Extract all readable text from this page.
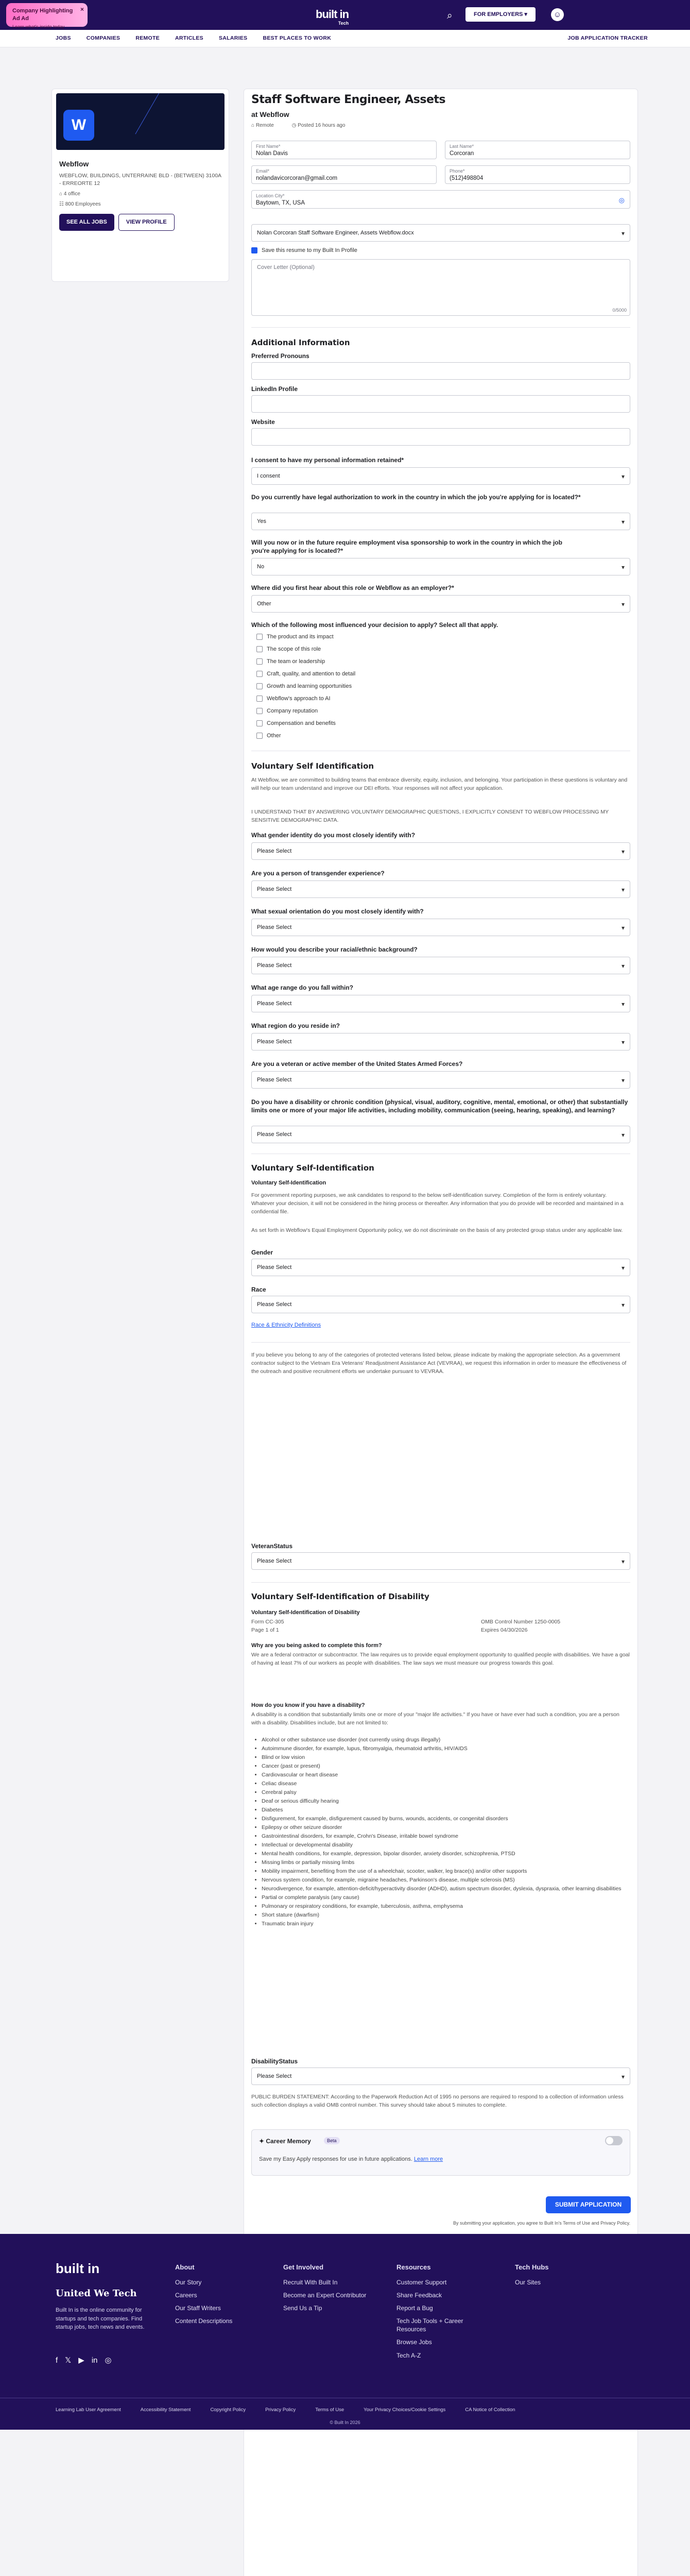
Company Highlighting Ad Ad
Learn what's inside today
×	built in
Tech
⌕	FOR EMPLOYERS ▾	☺
JOBS	COMPANIES	REMOTE	ARTICLES	SALARIES	BEST PLACES TO WORK	JOB APPLICATION TRACKER
W
Webflow
WEBFLOW, BUILDINGS, UNTERRAINE BLD - (BETWEEN) 3100A - ERREORTE 12
⌂ 4 office
☷ 800 Employees
SEE ALL JOBS	VIEW PROFILE
Staff Software Engineer, Assets
at Webflow
⌂ Remote	◷ Posted 16 hours ago
First Name*
Nolan Davis
Last Name*
Corcoran
Email*
nolandavicorcoran@gmail.com
Phone*
(512)498804
Location City*
Baytown, TX, USA	◎
Nolan Corcoran Staff Software Engineer, Assets Webflow.docx ▾
Save this resume to my Built In Profile
Cover Letter (Optional)
0/5000
Additional Information
Preferred Pronouns
LinkedIn Profile
Website
I consent to have my personal information retained*
I consent ▾
Do you currently have legal authorization to work in the country in which the job you're applying for is located?*
Yes ▾
Will you now or in the future require employment visa sponsorship to work in the country in which the job you're applying for is located?*
No ▾
Where did you first hear about this role or Webflow as an employer?*
Other ▾
Which of the following most influenced your decision to apply? Select all that apply.
The product and its impact
The scope of this role
The team or leadership
Craft, quality, and attention to detail
Growth and learning opportunities
Webflow's approach to AI
Company reputation
Compensation and benefits
Other
Voluntary Self Identification
At Webflow, we are committed to building teams that embrace diversity, equity, inclusion, and belonging. Your participation in these questions is voluntary and will help our team understand and improve our DEI efforts. Your responses will not affect your application.
I UNDERSTAND THAT BY ANSWERING VOLUNTARY DEMOGRAPHIC QUESTIONS, I EXPLICITLY CONSENT TO WEBFLOW PROCESSING MY SENSITIVE DEMOGRAPHIC DATA.
What gender identity do you most closely identify with?
Please Select ▾
Are you a person of transgender experience?
Please Select ▾
What sexual orientation do you most closely identify with?
Please Select ▾
How would you describe your racial/ethnic background?
Please Select ▾
What age range do you fall within?
Please Select ▾
What region do you reside in?
Please Select ▾
Are you a veteran or active member of the United States Armed Forces?
Please Select ▾
Do you have a disability or chronic condition (physical, visual, auditory, cognitive, mental, emotional, or other) that substantially limits one or more of your major life activities, including mobility, communication (seeing, hearing, speaking), and learning?
Please Select ▾
Voluntary Self-Identification
Voluntary Self-Identification
For government reporting purposes, we ask candidates to respond to the below self-identification survey. Completion of the form is entirely voluntary. Whatever your decision, it will not be considered in the hiring process or thereafter. Any information that you do provide will be recorded and maintained in a confidential file.
As set forth in Webflow's Equal Employment Opportunity policy, we do not discriminate on the basis of any protected group status under any applicable law.
Gender
Please Select ▾
Race
Please Select ▾
Race & Ethnicity Definitions
If you believe you belong to any of the categories of protected veterans listed below, please indicate by making the appropriate selection. As a government contractor subject to the Vietnam Era Veterans' Readjustment Assistance Act (VEVRAA), we request this information in order to measure the effectiveness of the outreach and positive recruitment efforts we undertake pursuant to VEVRAA.
VeteranStatus
Please Select ▾
Voluntary Self-Identification of Disability
Voluntary Self-Identification of Disability
Form CC-305
Page 1 of 1
OMB Control Number 1250-0005
Expires 04/30/2026
Why are you being asked to complete this form?
We are a federal contractor or subcontractor. The law requires us to provide equal employment opportunity to qualified people with disabilities. We have a goal of having at least 7% of our workers as people with disabilities. The law says we must measure our progress towards this goal.
How do you know if you have a disability?
A disability is a condition that substantially limits one or more of your "major life activities." If you have or have ever had such a condition, you are a person with a disability. Disabilities include, but are not limited to:
• Alcohol or other substance use disorder (not currently using drugs illegally)
• Autoimmune disorder, for example, lupus, fibromyalgia, rheumatoid arthritis, HIV/AIDS
• Blind or low vision
• Cancer (past or present)
• Cardiovascular or heart disease
• Celiac disease
• Cerebral palsy
• Deaf or serious difficulty hearing
• Diabetes
• Disfigurement, for example, disfigurement caused by burns, wounds, accidents, or congenital disorders
• Epilepsy or other seizure disorder
• Gastrointestinal disorders, for example, Crohn's Disease, irritable bowel syndrome
• Intellectual or developmental disability
• Mental health conditions, for example, depression, bipolar disorder, anxiety disorder, schizophrenia, PTSD
• Missing limbs or partially missing limbs
• Mobility impairment, benefiting from the use of a wheelchair, scooter, walker, leg brace(s) and/or other supports
• Nervous system condition, for example, migraine headaches, Parkinson's disease, multiple sclerosis (MS)
• Neurodivergence, for example, attention-deficit/hyperactivity disorder (ADHD), autism spectrum disorder, dyslexia, dyspraxia, other learning disabilities
• Partial or complete paralysis (any cause)
• Pulmonary or respiratory conditions, for example, tuberculosis, asthma, emphysema
• Short stature (dwarfism)
• Traumatic brain injury
DisabilityStatus
Please Select ▾
PUBLIC BURDEN STATEMENT: According to the Paperwork Reduction Act of 1995 no persons are required to respond to a collection of information unless such collection displays a valid OMB control number. This survey should take about 5 minutes to complete.
✦ Career Memory	Beta
Save my Easy Apply responses for use in future applications. Learn more
SUBMIT APPLICATION
By submitting your application, you agree to Built In's Terms of Use and Privacy Policy.
built in
United We Tech
Built In is the online community for startups and tech companies. Find startup jobs, tech news and events.
f 𝕏 ▶ in ◎
About
Our Story
Careers
Our Staff Writers
Content Descriptions
Get Involved
Recruit With Built In
Become an Expert Contributor
Send Us a Tip
Resources
Customer Support
Share Feedback
Report a Bug
Tech Job Tools + Career Resources
Browse Jobs
Tech A-Z
Tech Hubs
Our Sites
Learning Lab User Agreement	Accessibility Statement	Copyright Policy	Privacy Policy	Terms of Use	Your Privacy Choices/Cookie Settings	CA Notice of Collection
© Built In 2026
